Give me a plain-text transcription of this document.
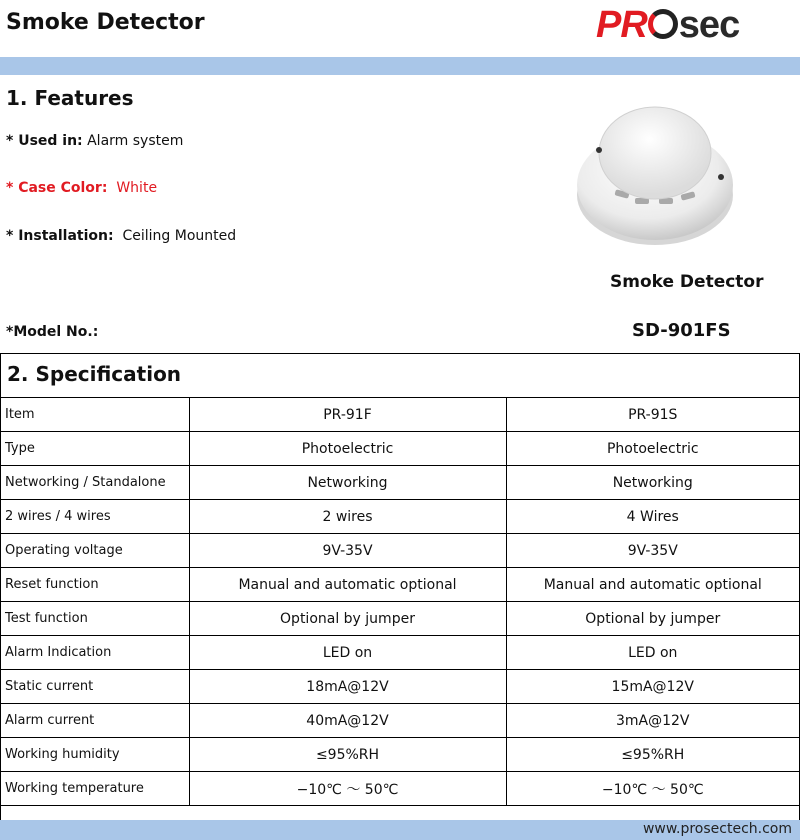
Smoke Detector	PR sec
1. Features
* Used in: Alarm system
* Case Color: White
* Installation: Ceiling Mounted
Smoke Detector
*Model No.:	SD-901FS
2. Specification
Item	PR-91F	PR-91S
Type	Photoelectric	Photoelectric
Networking / Standalone	Networking	Networking
2 wires / 4 wires	2 wires	4 Wires
Operating voltage	9V-35V	9V-35V
Reset function	Manual and automatic optional	Manual and automatic optional
Test function	Optional by jumper	Optional by jumper
Alarm Indication	LED on	LED on
Static current	18mA@12V	15mA@12V
Alarm current	40mA@12V	3mA@12V
Working humidity	≤95%RH	≤95%RH
Working temperature	−10℃ ～ 50℃	−10℃ ～ 50℃
www.prosectech.com
